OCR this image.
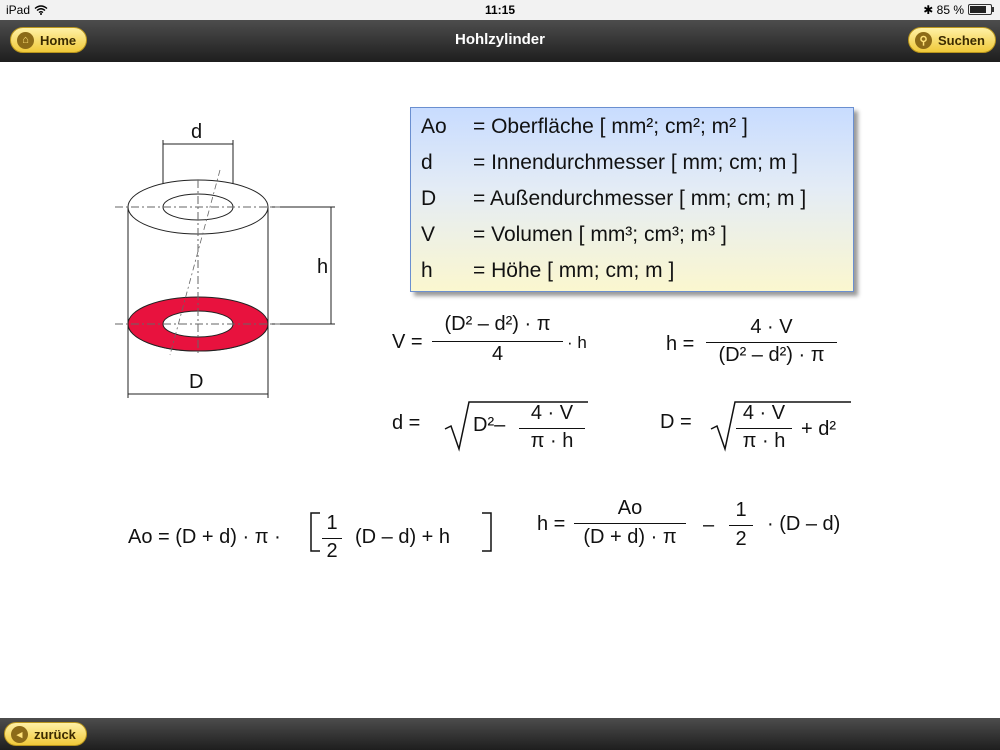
iPad	11:15	✱ 85 %
⌂ Home	Hohlzylinder	⚲ Suchen
d
h
D
Ao = Oberfläche [ mm²; cm²; m² ]
d = Innendurchmesser [ mm; cm; m ]
D = Außendurchmesser [ mm; cm; m ]
V = Volumen [ mm³; cm³; m³ ]
h = Höhe [ mm; cm; m ]
V =
(D² – d²) · π
4
· h	h =
4 · V
(D² – d²) · π
d =	D²–
4 · V
π · h
D =	4 · V
π · h
+ d²
Ao = (D + d) · π ·
1
2
(D – d) + h
h =
Ao
(D + d) · π
–
1
2
· (D – d)
◂ zurück
